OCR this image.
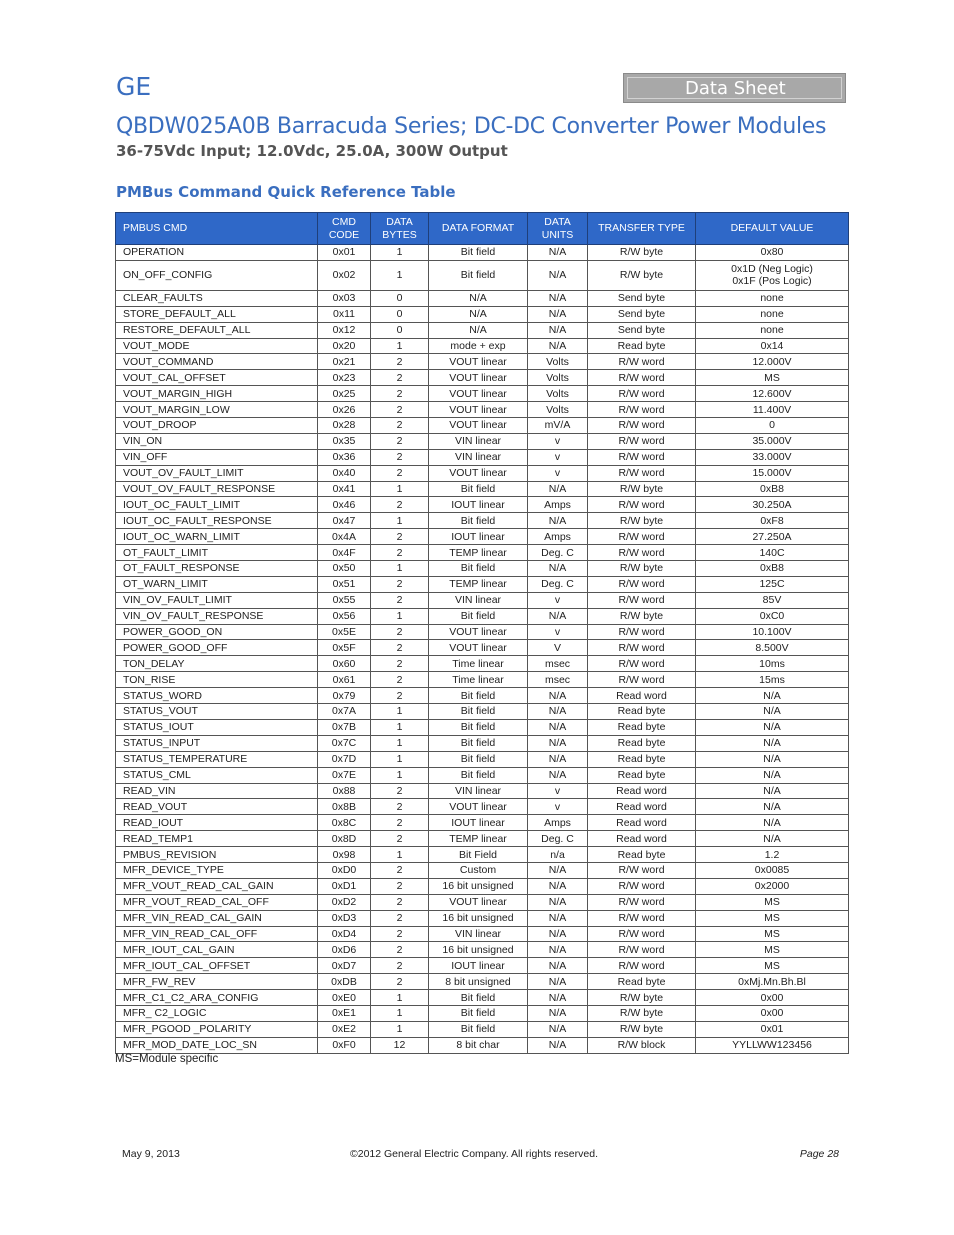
GE	Data Sheet
QBDW025A0B Barracuda Series; DC-DC Converter Power Modules
36-75Vdc Input; 12.0Vdc, 25.0A, 300W Output
PMBus Command Quick Reference Table
PMBUS CMD	CMD CODE	DATA BYTES	DATA FORMAT	DATA UNITS	TRANSFER TYPE	DEFAULT VALUE
OPERATION	0x01	1	Bit field	N/A	R/W byte	0x80
ON_OFF_CONFIG	0x02	1	Bit field	N/A	R/W byte	0x1D (Neg Logic)
0x1F (Pos Logic)
CLEAR_FAULTS	0x03	0	N/A	N/A	Send byte	none
STORE_DEFAULT_ALL	0x11	0	N/A	N/A	Send byte	none
RESTORE_DEFAULT_ALL	0x12	0	N/A	N/A	Send byte	none
VOUT_MODE	0x20	1	mode + exp	N/A	Read byte	0x14
VOUT_COMMAND	0x21	2	VOUT linear	Volts	R/W word	12.000V
VOUT_CAL_OFFSET	0x23	2	VOUT linear	Volts	R/W word	MS
VOUT_MARGIN_HIGH	0x25	2	VOUT linear	Volts	R/W word	12.600V
VOUT_MARGIN_LOW	0x26	2	VOUT linear	Volts	R/W word	11.400V
VOUT_DROOP	0x28	2	VOUT linear	mV/A	R/W word	0
VIN_ON	0x35	2	VIN linear	v	R/W word	35.000V
VIN_OFF	0x36	2	VIN linear	v	R/W word	33.000V
VOUT_OV_FAULT_LIMIT	0x40	2	VOUT linear	v	R/W word	15.000V
VOUT_OV_FAULT_RESPONSE	0x41	1	Bit field	N/A	R/W byte	0xB8
IOUT_OC_FAULT_LIMIT	0x46	2	IOUT linear	Amps	R/W word	30.250A
IOUT_OC_FAULT_RESPONSE	0x47	1	Bit field	N/A	R/W byte	0xF8
IOUT_OC_WARN_LIMIT	0x4A	2	IOUT linear	Amps	R/W word	27.250A
OT_FAULT_LIMIT	0x4F	2	TEMP linear	Deg. C	R/W word	140C
OT_FAULT_RESPONSE	0x50	1	Bit field	N/A	R/W byte	0xB8
OT_WARN_LIMIT	0x51	2	TEMP linear	Deg. C	R/W word	125C
VIN_OV_FAULT_LIMIT	0x55	2	VIN linear	v	R/W word	85V
VIN_OV_FAULT_RESPONSE	0x56	1	Bit field	N/A	R/W byte	0xC0
POWER_GOOD_ON	0x5E	2	VOUT linear	v	R/W word	10.100V
POWER_GOOD_OFF	0x5F	2	VOUT linear	V	R/W word	8.500V
TON_DELAY	0x60	2	Time linear	msec	R/W word	10ms
TON_RISE	0x61	2	Time linear	msec	R/W word	15ms
STATUS_WORD	0x79	2	Bit field	N/A	Read word	N/A
STATUS_VOUT	0x7A	1	Bit field	N/A	Read byte	N/A
STATUS_IOUT	0x7B	1	Bit field	N/A	Read byte	N/A
STATUS_INPUT	0x7C	1	Bit field	N/A	Read byte	N/A
STATUS_TEMPERATURE	0x7D	1	Bit field	N/A	Read byte	N/A
STATUS_CML	0x7E	1	Bit field	N/A	Read byte	N/A
READ_VIN	0x88	2	VIN linear	v	Read word	N/A
READ_VOUT	0x8B	2	VOUT linear	v	Read word	N/A
READ_IOUT	0x8C	2	IOUT linear	Amps	Read word	N/A
READ_TEMP1	0x8D	2	TEMP linear	Deg. C	Read word	N/A
PMBUS_REVISION	0x98	1	Bit Field	n/a	Read byte	1.2
MFR_DEVICE_TYPE	0xD0	2	Custom	N/A	R/W word	0x0085
MFR_VOUT_READ_CAL_GAIN	0xD1	2	16 bit unsigned	N/A	R/W word	0x2000
MFR_VOUT_READ_CAL_OFF	0xD2	2	VOUT linear	N/A	R/W word	MS
MFR_VIN_READ_CAL_GAIN	0xD3	2	16 bit unsigned	N/A	R/W word	MS
MFR_VIN_READ_CAL_OFF	0xD4	2	VIN linear	N/A	R/W word	MS
MFR_IOUT_CAL_GAIN	0xD6	2	16 bit unsigned	N/A	R/W word	MS
MFR_IOUT_CAL_OFFSET	0xD7	2	IOUT linear	N/A	R/W word	MS
MFR_FW_REV	0xDB	2	8 bit unsigned	N/A	Read byte	0xMj.Mn.Bh.Bl
MFR_C1_C2_ARA_CONFIG	0xE0	1	Bit field	N/A	R/W byte	0x00
MFR_ C2_LOGIC	0xE1	1	Bit field	N/A	R/W byte	0x00
MFR_PGOOD _POLARITY	0xE2	1	Bit field	N/A	R/W byte	0x01
MFR_MOD_DATE_LOC_SN	0xF0	12	8 bit char	N/A	R/W block	YYLLWW123456
MS=Module specific
May 9, 2013	©2012 General Electric Company. All rights reserved.	Page 28
